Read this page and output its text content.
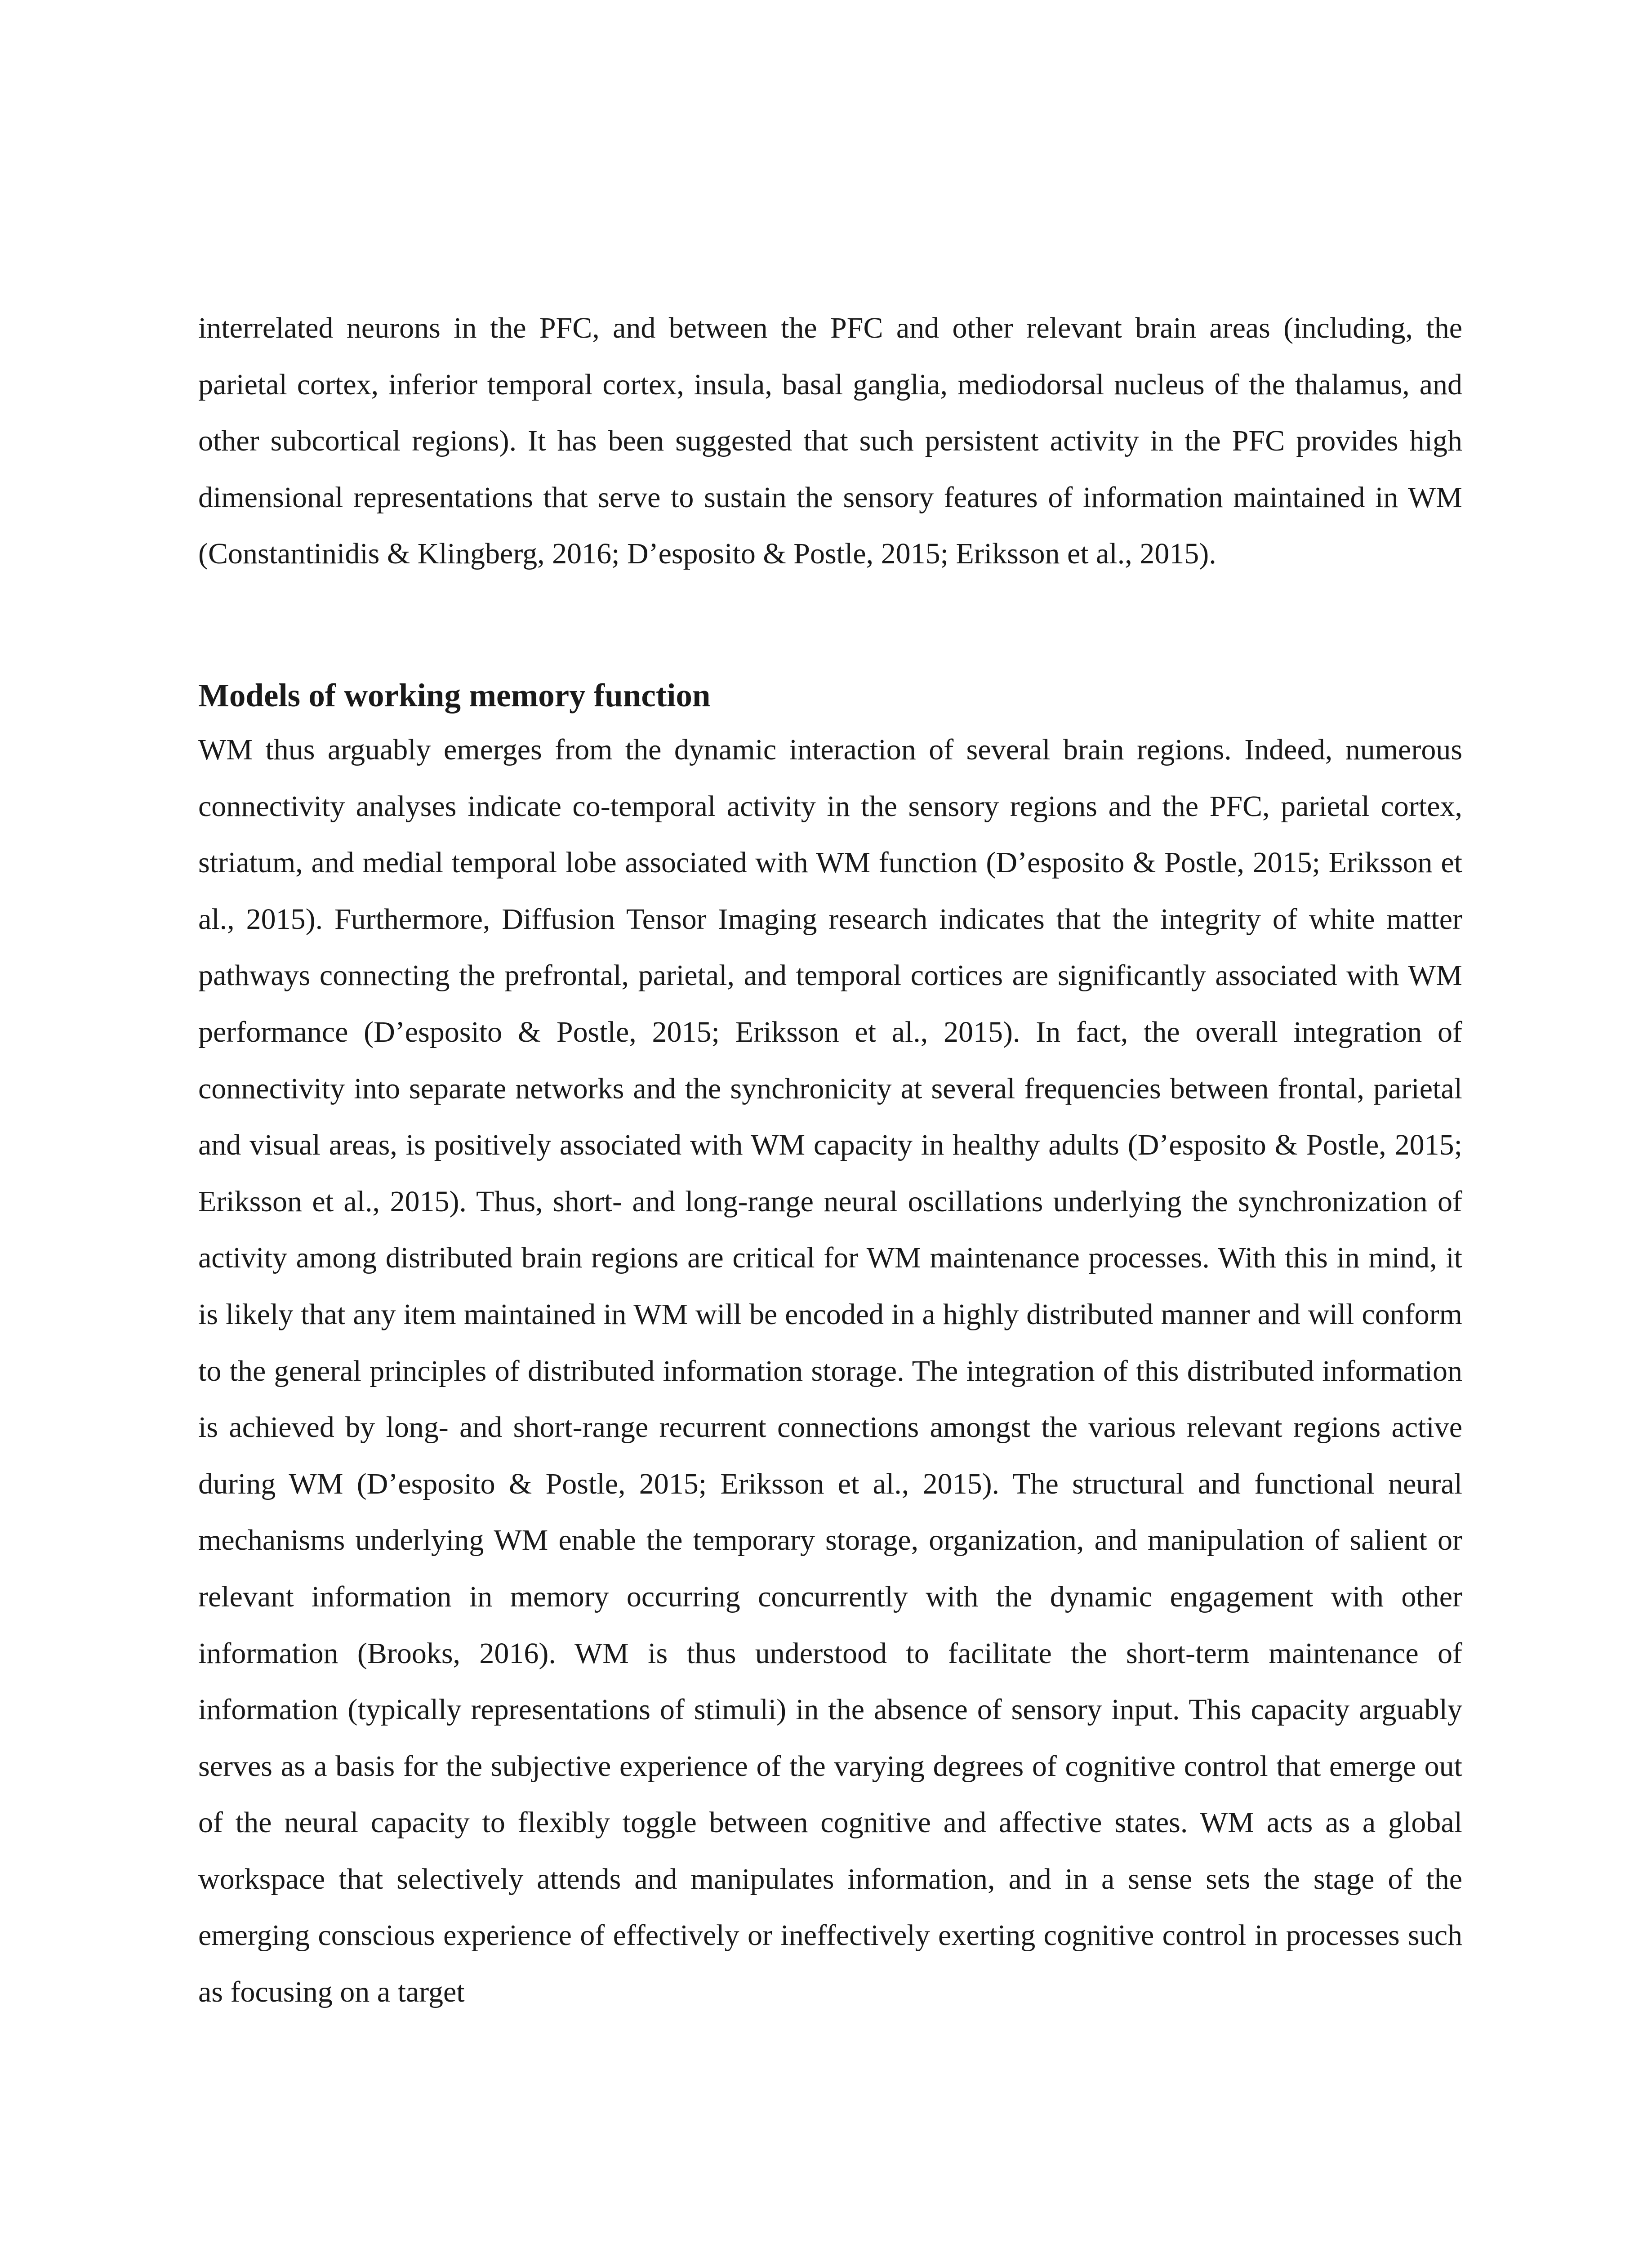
interrelated neurons in the PFC, and between the PFC and other relevant brain areas (including, the parietal cortex, inferior temporal cortex, insula, basal ganglia, mediodorsal nucleus of the thalamus, and other subcortical regions). It has been suggested that such persistent activity in the PFC provides high dimensional representations that serve to sustain the sensory features of information maintained in WM (Constantinidis & Klingberg, 2016; D’esposito & Postle, 2015; Eriksson et al., 2015).

Models of working memory function

WM thus arguably emerges from the dynamic interaction of several brain regions. Indeed, numerous connectivity analyses indicate co-temporal activity in the sensory regions and the PFC, parietal cortex, striatum, and medial temporal lobe associated with WM function (D’esposito & Postle, 2015; Eriksson et al., 2015). Furthermore, Diffusion Tensor Imaging research indicates that the integrity of white matter pathways connecting the prefrontal, parietal, and temporal cortices are significantly associated with WM performance (D’esposito & Postle, 2015; Eriksson et al., 2015). In fact, the overall integration of connectivity into separate networks and the synchronicity at several frequencies between frontal, parietal and visual areas, is positively associated with WM capacity in healthy adults (D’esposito & Postle, 2015; Eriksson et al., 2015). Thus, short- and long-range neural oscillations underlying the synchronization of activity among distributed brain regions are critical for WM maintenance processes. With this in mind, it is likely that any item maintained in WM will be encoded in a highly distributed manner and will conform to the general principles of distributed information storage. The integration of this distributed information is achieved by long- and short-range recurrent connections amongst the various relevant regions active during WM (D’esposito & Postle, 2015; Eriksson et al., 2015). The structural and functional neural mechanisms underlying WM enable the temporary storage, organization, and manipulation of salient or relevant information in memory occurring concurrently with the dynamic engagement with other information (Brooks, 2016). WM is thus understood to facilitate the short-term maintenance of information (typically representations of stimuli) in the absence of sensory input. This capacity arguably serves as a basis for the subjective experience of the varying degrees of cognitive control that emerge out of the neural capacity to flexibly toggle between cognitive and affective states. WM acts as a global workspace that selectively attends and manipulates information, and in a sense sets the stage of the emerging conscious experience of effectively or ineffectively exerting cognitive control in processes such as focusing on a target
